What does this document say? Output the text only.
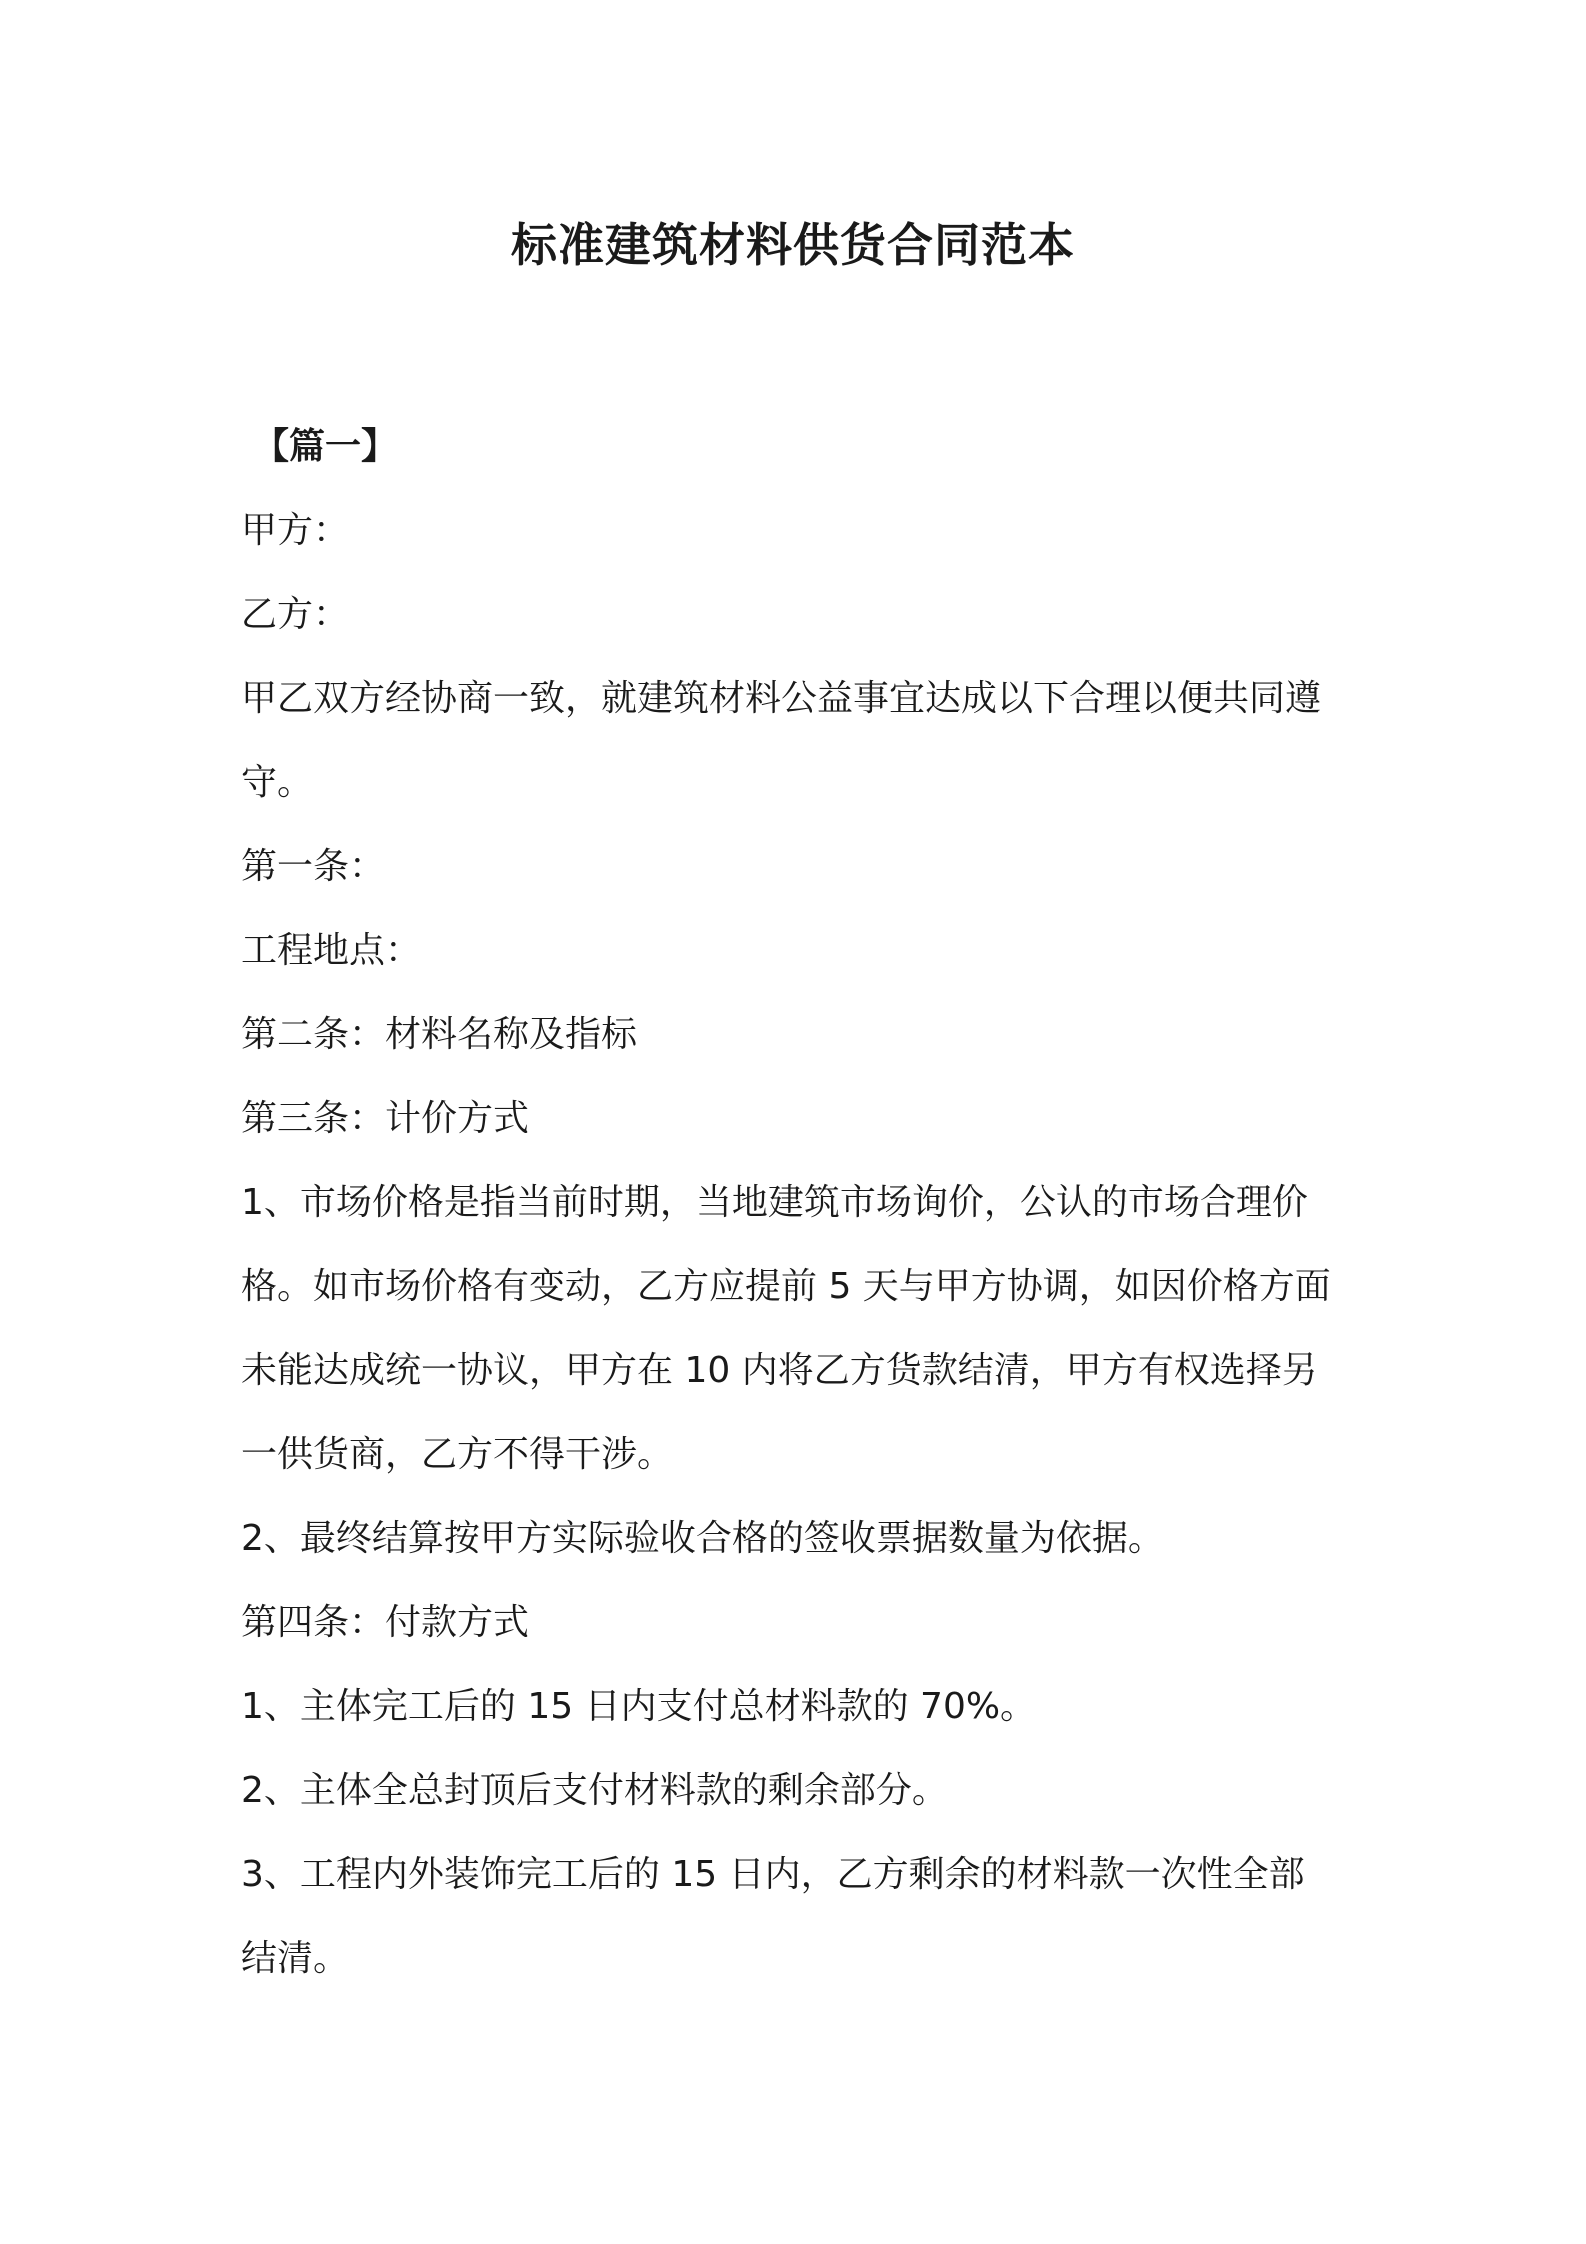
标准建筑材料供货合同范本

【篇一】

甲方：

乙方：

甲乙双方经协商一致，就建筑材料公益事宜达成以下合理以便共同遵

守。

第一条：

工程地点：

第二条：材料名称及指标

第三条：计价方式

1、市场价格是指当前时期，当地建筑市场询价，公认的市场合理价

格。如市场价格有变动，乙方应提前 5 天与甲方协调，如因价格方面

未能达成统一协议，甲方在 10 内将乙方货款结清，甲方有权选择另

一供货商，乙方不得干涉。

2、最终结算按甲方实际验收合格的签收票据数量为依据。

第四条：付款方式

1、主体完工后的 15 日内支付总材料款的 70%。

2、主体全总封顶后支付材料款的剩余部分。

3、工程内外装饰完工后的 15 日内，乙方剩余的材料款一次性全部

结清。
